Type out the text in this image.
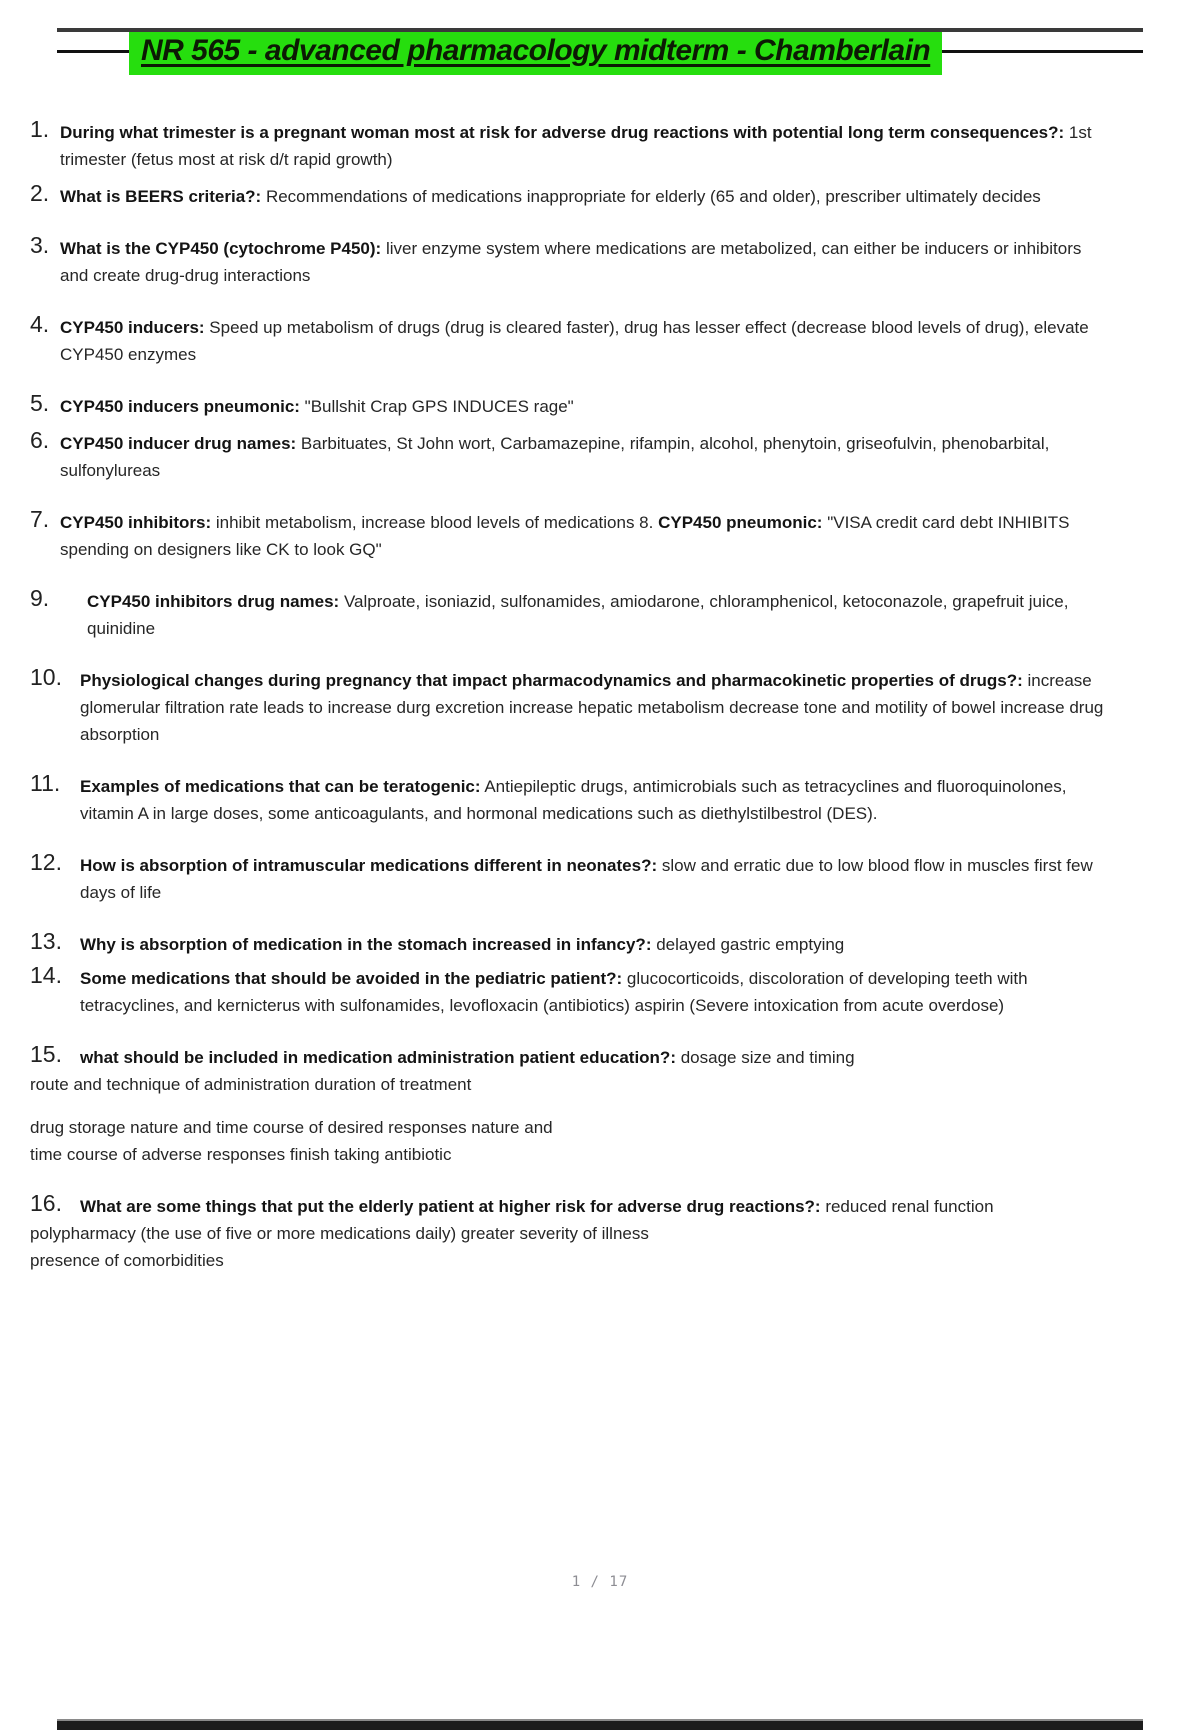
NR 565 - advanced pharmacology midterm - Chamberlain
1. During what trimester is a pregnant woman most at risk for adverse drug reactions with potential long term consequences?: 1st trimester (fetus most at risk d/t rapid growth)
2. What is BEERS criteria?: Recommendations of medications inappropriate for elderly (65 and older), prescriber ultimately decides
3. What is the CYP450 (cytochrome P450): liver enzyme system where medications are metabolized, can either be inducers or inhibitors and create drug-drug interactions
4. CYP450 inducers: Speed up metabolism of drugs (drug is cleared faster), drug has lesser effect (decrease blood levels of drug), elevate CYP450 enzymes
5. CYP450 inducers pneumonic: "Bullshit Crap GPS INDUCES rage"
6. CYP450 inducer drug names: Barbituates, St John wort, Carbamazepine, rifampin, alcohol, phenytoin, griseofulvin, phenobarbital, sulfonylureas
7. CYP450 inhibitors: inhibit metabolism, increase blood levels of medications 8. CYP450 pneumonic: "VISA credit card debt INHIBITS spending on designers like CK to look GQ"
9. CYP450 inhibitors drug names: Valproate, isoniazid, sulfonamides, amiodarone, chloramphenicol, ketoconazole, grapefruit juice, quinidine
10. Physiological changes during pregnancy that impact pharmacodynamics and pharmacokinetic properties of drugs?: increase glomerular filtration rate leads to increase durg excretion increase hepatic metabolism decrease tone and motility of bowel increase drug absorption
11. Examples of medications that can be teratogenic: Antiepileptic drugs, antimicrobials such as tetracyclines and fluoroquinolones, vitamin A in large doses, some anticoagulants, and hormonal medications such as diethylstilbestrol (DES).
12. How is absorption of intramuscular medications different in neonates?: slow and erratic due to low blood flow in muscles first few days of life
13. Why is absorption of medication in the stomach increased in infancy?: delayed gastric emptying
14. Some medications that should be avoided in the pediatric patient?: glucocorticoids, discoloration of developing teeth with tetracyclines, and kernicterus with sulfonamides, levofloxacin (antibiotics) aspirin (Severe intoxication from acute overdose)
15. what should be included in medication administration patient education?: dosage size and timing

route and technique of administration duration of treatment

drug storage nature and time course of desired responses nature and

time course of adverse responses finish taking antibiotic

16. What are some things that put the elderly patient at higher risk for adverse drug reactions?: reduced renal function

polypharmacy (the use of five or more medications daily) greater severity of illness

presence of comorbidities

1 / 17
